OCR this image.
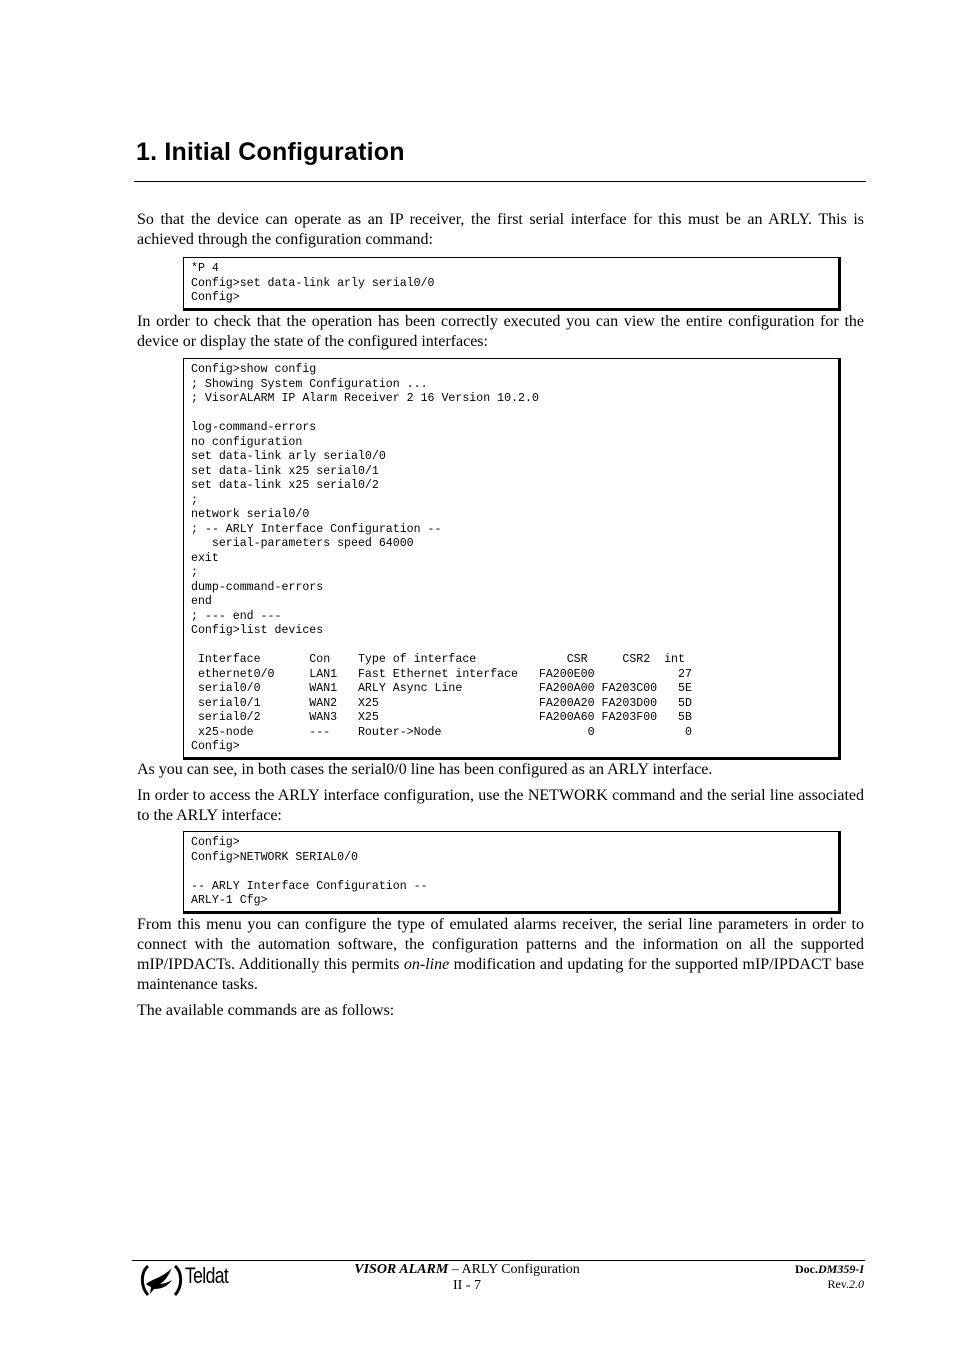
1. Initial Configuration

So that the device can operate as an IP receiver, the first serial interface for this must be an ARLY. This is achieved through the configuration command:

*P 4
Config>set data-link arly serial0/0
Config>

In order to check that the operation has been correctly executed you can view the entire configuration for the device or display the state of the configured interfaces:

Config>show config
; Showing System Configuration ...
; VisorALARM IP Alarm Receiver 2 16 Version 10.2.0
log-command-errors
no configuration
set data-link arly serial0/0
set data-link x25 serial0/1
set data-link x25 serial0/2
;
network serial0/0
; -- ARLY Interface Configuration --
serial-parameters speed 64000
exit
;
dump-command-errors
end
; --- end ---
Config>list devices
Interface       Con    Type of interface             CSR     CSR2  int
ethernet0/0     LAN1   Fast Ethernet interface   FA200E00            27
serial0/0       WAN1   ARLY Async Line           FA200A00 FA203C00   5E
serial0/1       WAN2   X25                       FA200A20 FA203D00   5D
serial0/2       WAN3   X25                       FA200A60 FA203F00   5B
x25-node        ---    Router->Node                     0             0
Config>

As you can see, in both cases the serial0/0 line has been configured as an ARLY interface.

In order to access the ARLY interface configuration, use the NETWORK command and the serial line associated to the ARLY interface:

Config>
Config>NETWORK SERIAL0/0
-- ARLY Interface Configuration --
ARLY-1 Cfg>

From this menu you can configure the type of emulated alarms receiver, the serial line parameters in order to connect with the automation software, the configuration patterns and the information on all the supported mIP/IPDACTs. Additionally this permits on-line modification and updating for the supported mIP/IPDACT base maintenance tasks.

The available commands are as follows:

Teldat	VISOR ALARM – ARLY Configuration
II - 7
Doc.DM359-I
Rev.2.0
